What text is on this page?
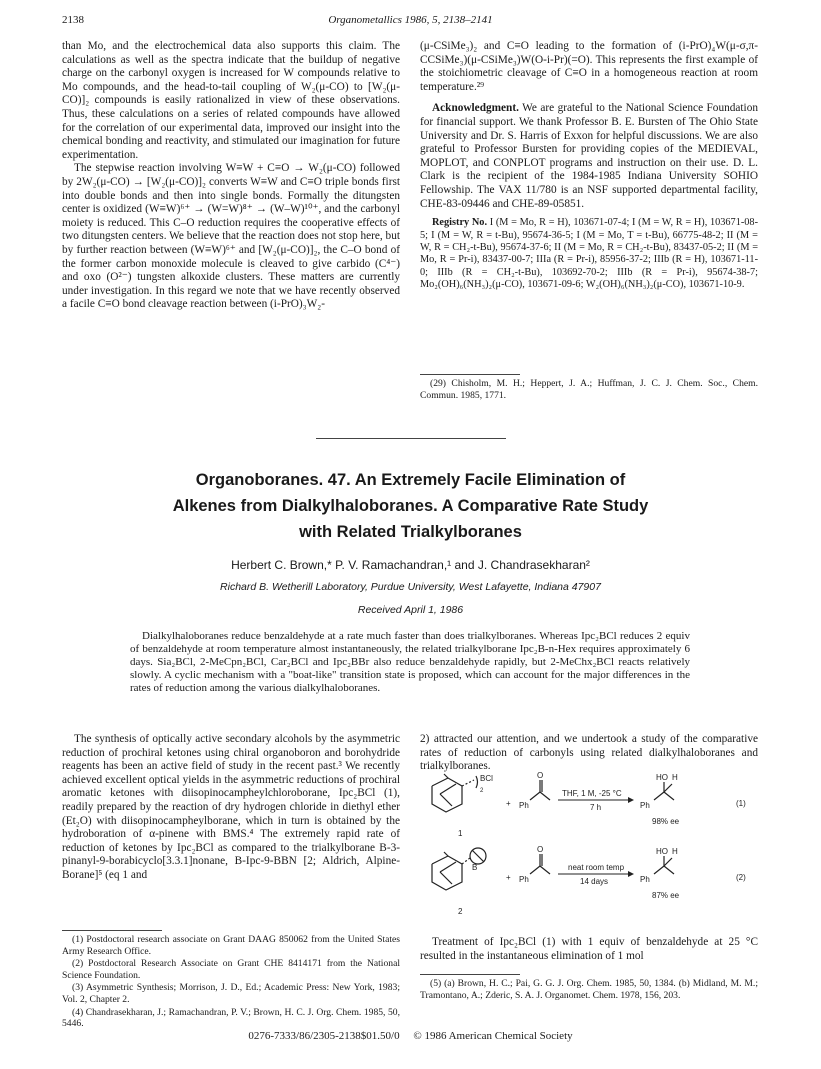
2138	Organometallics 1986, 5, 2138–2141

than Mo, and the electrochemical data also supports this claim. The calculations as well as the spectra indicate that the buildup of negative charge on the carbonyl oxygen is increased for W compounds relative to Mo compounds, and the head-to-tail coupling of W₂(μ-CO) to [W₂(μ-CO)]₂ compounds is easily rationalized in view of these observations. Thus, these calculations on a series of related compounds have allowed for the correlation of our experimental data, improved our insight into the chemical bonding and reactivity, and stimulated our imagination for future experimentation.

The stepwise reaction involving W≡W + C≡O → W₂(μ-CO) followed by 2W₂(μ-CO) → [W₂(μ-CO)]₂ converts W≡W and C≡O triple bonds first into double bonds and then into single bonds. Formally the ditungsten center is oxidized (W≡W)⁶⁺ → (W=W)⁸⁺ → (W–W)¹⁰⁺, and the carbonyl moiety is reduced. This C–O reduction requires the cooperative effects of two ditungsten centers. We believe that the reaction does not stop here, but by further reaction between (W≡W)⁶⁺ and [W₂(μ-CO)]₂, the C–O bond of the former carbon monoxide molecule is cleaved to give carbido (C⁴⁻) and oxo (O²⁻) tungsten alkoxide clusters. These matters are currently under investigation. In this regard we note that we have recently observed a facile C≡O bond cleavage reaction between (i-PrO)₃W₂-

(μ-CSiMe₃)₂ and C≡O leading to the formation of (i-PrO)₄W(μ-σ,π-CCSiMe₃)(μ-CSiMe₃)W(O-i-Pr)(=O). This represents the first example of the stoichiometric cleavage of C≡O in a homogeneous reaction at room temperature.²⁹

Acknowledgment. We are grateful to the National Science Foundation for financial support. We thank Professor B. E. Bursten of The Ohio State University and Dr. S. Harris of Exxon for helpful discussions. We are also grateful to Professor Bursten for providing copies of the MEDIEVAL, MOPLOT, and CONPLOT programs and instruction on their use. D. L. Clark is the recipient of the 1984-1985 Indiana University SOHIO Fellowship. The VAX 11/780 is an NSF supported departmental facility, CHE-83-09446 and CHE-89-05851.

Registry No. I (M = Mo, R = H), 103671-07-4; I (M = W, R = H), 103671-08-5; I (M = W, R = t-Bu), 95674-36-5; I (M = Mo, T = t-Bu), 66775-48-2; II (M = W, R = CH₂-t-Bu), 95674-37-6; II (M = Mo, R = CH₂-t-Bu), 83437-05-2; II (M = Mo, R = Pr-i), 83437-00-7; IIIa (R = Pr-i), 85956-37-2; IIIb (R = H), 103671-11-0; IIIb (R = CH₂-t-Bu), 103692-70-2; IIIb (R = Pr-i), 95674-38-7; Mo₂(OH)₆(NH₃)₂(μ-CO), 103671-09-6; W₂(OH)₆(NH₃)₂(μ-CO), 103671-10-9.

(29) Chisholm, M. H.; Heppert, J. A.; Huffman, J. C. J. Chem. Soc., Chem. Commun. 1985, 1771.

Organoboranes. 47. An Extremely Facile Elimination of
Alkenes from Dialkylhaloboranes. A Comparative Rate Study
with Related Trialkylboranes
Herbert C. Brown,* P. V. Ramachandran,¹ and J. Chandrasekharan²
Richard B. Wetherill Laboratory, Purdue University, West Lafayette, Indiana 47907
Received April 1, 1986

Dialkylhaloboranes reduce benzaldehyde at a rate much faster than does trialkylboranes. Whereas Ipc₂BCl reduces 2 equiv of benzaldehyde at room temperature almost instantaneously, the related trialkylborane Ipc₂B-n-Hex requires approximately 6 days. Sia₂BCl, 2-MeCpn₂BCl, Car₂BCl and Ipc₂BBr also reduce benzaldehyde rapidly, but 2-MeChx₂BCl reacts relatively slowly. A cyclic mechanism with a "boat-like" transition state is proposed, which can account for the major differences in the rates of reduction among the various dialkylhaloboranes.

The synthesis of optically active secondary alcohols by the asymmetric reduction of prochiral ketones using chiral organoboron and borohydride reagents has been an active field of study in the recent past.³ We recently achieved excellent optical yields in the asymmetric reductions of prochiral aromatic ketones with diisopinocampheylchloroborane, Ipc₂BCl (1), readily prepared by the reaction of dry hydrogen chloride in diethyl ether (Et₂O) with diisopinocampheylborane, which in turn is obtained by the hydroboration of α-pinene with BMS.⁴ The extremely rapid rate of reduction of ketones by Ipc₂BCl as compared to the trialkylborane B-3-pinanyl-9-borabicyclo[3.3.1]nonane, B-Ipc-9-BBN [2; Aldrich, Alpine-Borane]⁵ (eq 1 and

2) attracted our attention, and we undertook a study of the comparative rates of reduction of carbonyls using related dialkylhaloboranes and trialkylboranes.

BCl
2
+
O
Ph
THF, 1 M, -25 °C
7 h
HO H
Ph
98% ee
(1)
1
B
+
O
Ph
neat room temp
14 days
HO H
Ph
87% ee
(2)
2

Treatment of Ipc₂BCl (1) with 1 equiv of benzaldehyde at 25 °C resulted in the instantaneous elimination of 1 mol

(1) Postdoctoral research associate on Grant DAAG 850062 from the United States Army Research Office.

(2) Postdoctoral Research Associate on Grant CHE 8414171 from the National Science Foundation.

(3) Asymmetric Synthesis; Morrison, J. D., Ed.; Academic Press: New York, 1983; Vol. 2, Chapter 2.

(4) Chandrasekharan, J.; Ramachandran, P. V.; Brown, H. C. J. Org. Chem. 1985, 50, 5446.

(5) (a) Brown, H. C.; Pai, G. G. J. Org. Chem. 1985, 50, 1384. (b) Midland, M. M.; Tramontano, A.; Zderic, S. A. J. Organomet. Chem. 1978, 156, 203.

0276-7333/86/2305-2138$01.50/0 © 1986 American Chemical Society
